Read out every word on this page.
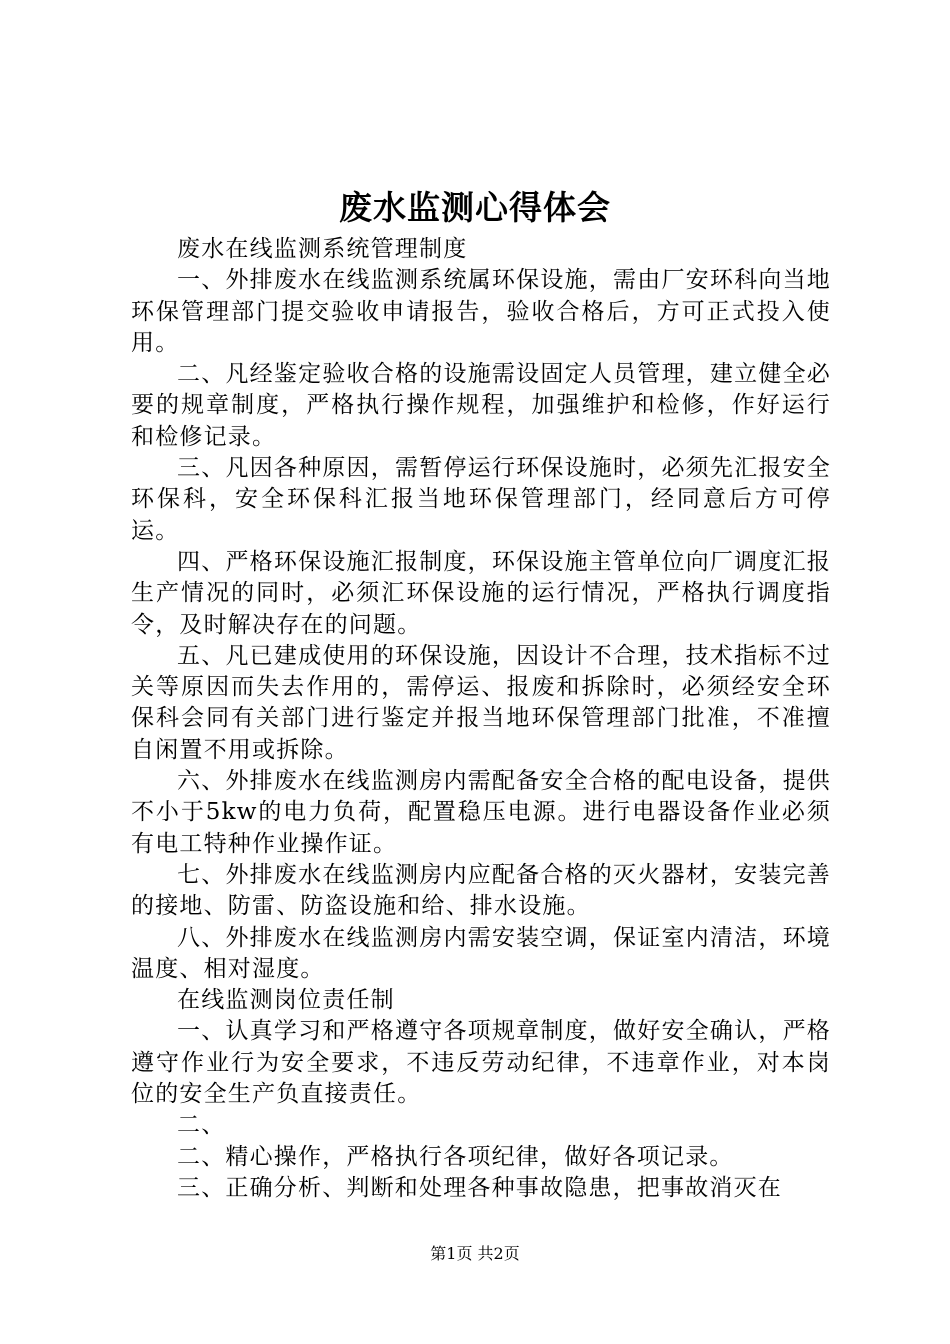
废水监测心得体会

废水在线监测系统管理制度

一、外排废水在线监测系统属环保设施，需由厂安环科向当地环保管理部门提交验收申请报告，验收合格后，方可正式投入使用。

二、凡经鉴定验收合格的设施需设固定人员管理，建立健全必要的规章制度，严格执行操作规程，加强维护和检修，作好运行和检修记录。

三、凡因各种原因，需暂停运行环保设施时，必须先汇报安全环保科，安全环保科汇报当地环保管理部门，经同意后方可停运。

四、严格环保设施汇报制度，环保设施主管单位向厂调度汇报生产情况的同时，必须汇环保设施的运行情况，严格执行调度指令，及时解决存在的问题。

五、凡已建成使用的环保设施，因设计不合理，技术指标不过关等原因而失去作用的，需停运、报废和拆除时，必须经安全环保科会同有关部门进行鉴定并报当地环保管理部门批准，不准擅自闲置不用或拆除。

六、外排废水在线监测房内需配备安全合格的配电设备，提供不小于5kw的电力负荷，配置稳压电源。进行电器设备作业必须有电工特种作业操作证。

七、外排废水在线监测房内应配备合格的灭火器材，安装完善的接地、防雷、防盗设施和给、排水设施。

八、外排废水在线监测房内需安装空调，保证室内清洁，环境温度、相对湿度。

在线监测岗位责任制

一、认真学习和严格遵守各项规章制度，做好安全确认，严格遵守作业行为安全要求，不违反劳动纪律，不违章作业，对本岗位的安全生产负直接责任。

二、

二、精心操作，严格执行各项纪律，做好各项记录。

三、正确分析、判断和处理各种事故隐患，把事故消灭在

第1页 共2页
